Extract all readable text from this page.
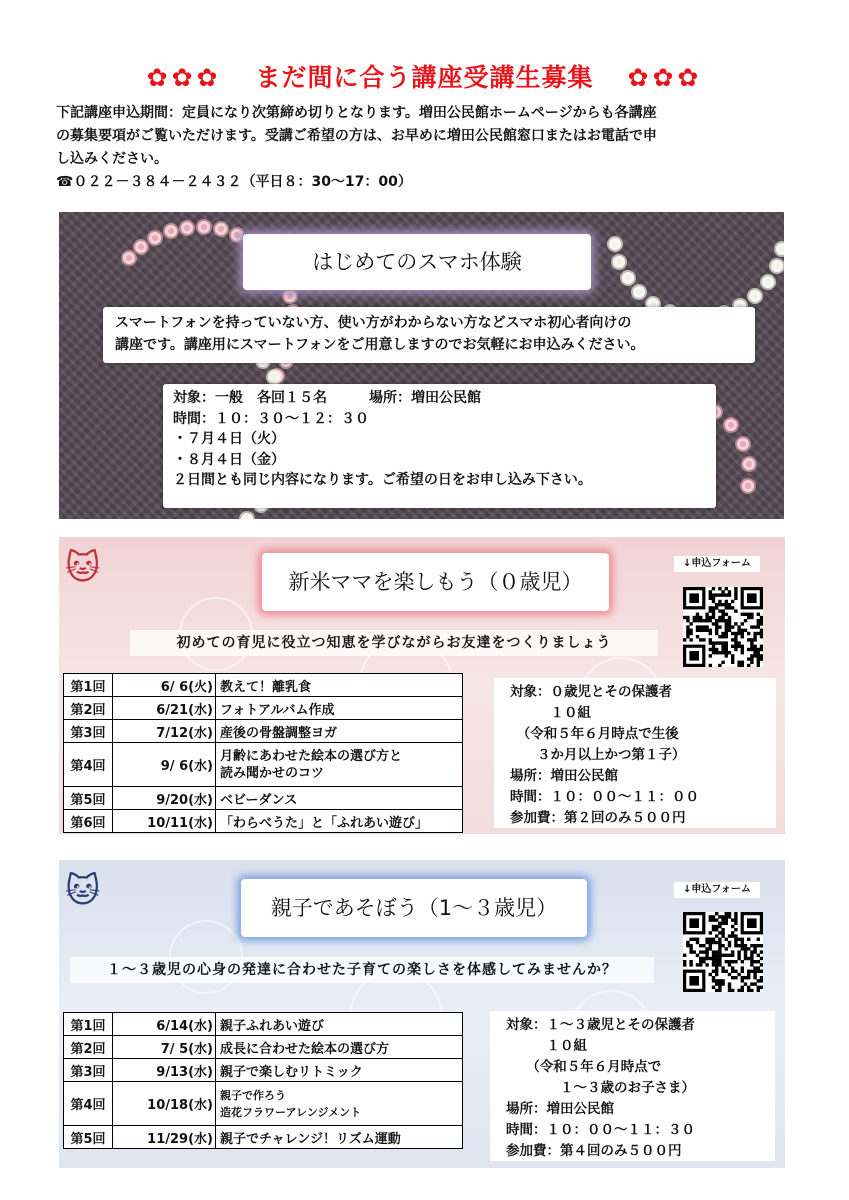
✿✿✿ まだ間に合う講座受講生募集 ✿✿✿

下記講座申込期間：定員になり次第締め切りとなります。増田公民館ホームページからも各講座

の募集要項がご覧いただけます。受講ご希望の方は、お早めに増田公民館窓口またはお電話で申

し込みください。

☎０２２－３８４－２４３２（平日８：30～17：00）

はじめてのスマホ体験

スマートフォンを持っていない方、使い方がわからない方などスマホ初心者向けの

講座です。講座用にスマートフォンをご用意しますのでお気軽にお申込みください。

対象：一般　各回１５名　　　場所：増田公民館

時間：１０：３０～１２：３０

・７月４日（火）

・８月４日（金）

２日間とも同じ内容になります。ご希望の日をお申し込み下さい。

🐱	新米ママを楽しもう（０歳児）
↓申込フォーム
初めての育児に役立つ知恵を学びながらお友達をつくりましょう
第1回	6/ 6(火)	教えて！離乳食
第2回	6/21(水)	フォトアルバム作成
第3回	7/12(水)	産後の骨盤調整ヨガ
第4回	9/ 6(水)	月齢にあわせた絵本の選び方と
読み聞かせのコツ

第5回	9/20(水)	ベビーダンス
第6回	10/11(水)	「わらべうた」と「ふれあい遊び」

対象：０歳児とその保護者

　　　１０組

　（令和５年６月時点で生後

　　３か月以上かつ第１子）

場所：増田公民館

時間：１０：００～１１：００

参加費：第２回のみ５００円

🐱	親子であそぼう（1～３歳児）
↓申込フォーム
１～３歳児の心身の発達に合わせた子育ての楽しさを体感してみませんか？
第1回	6/14(水)	親子ふれあい遊び
第2回	7/ 5(水)	成長に合わせた絵本の選び方
第3回	9/13(水)	親子で楽しむリトミック
第4回	10/18(水)	親子で作ろう
造花フラワーアレンジメント

第5回	11/29(水)	親子でチャレンジ！リズム運動

対象：１～３歳児とその保護者

　　　１０組

　　（令和５年６月時点で

　　　　１～３歳のお子さま）

場所：増田公民館

時間：１０：００～１１：３０

参加費：第４回のみ５００円
